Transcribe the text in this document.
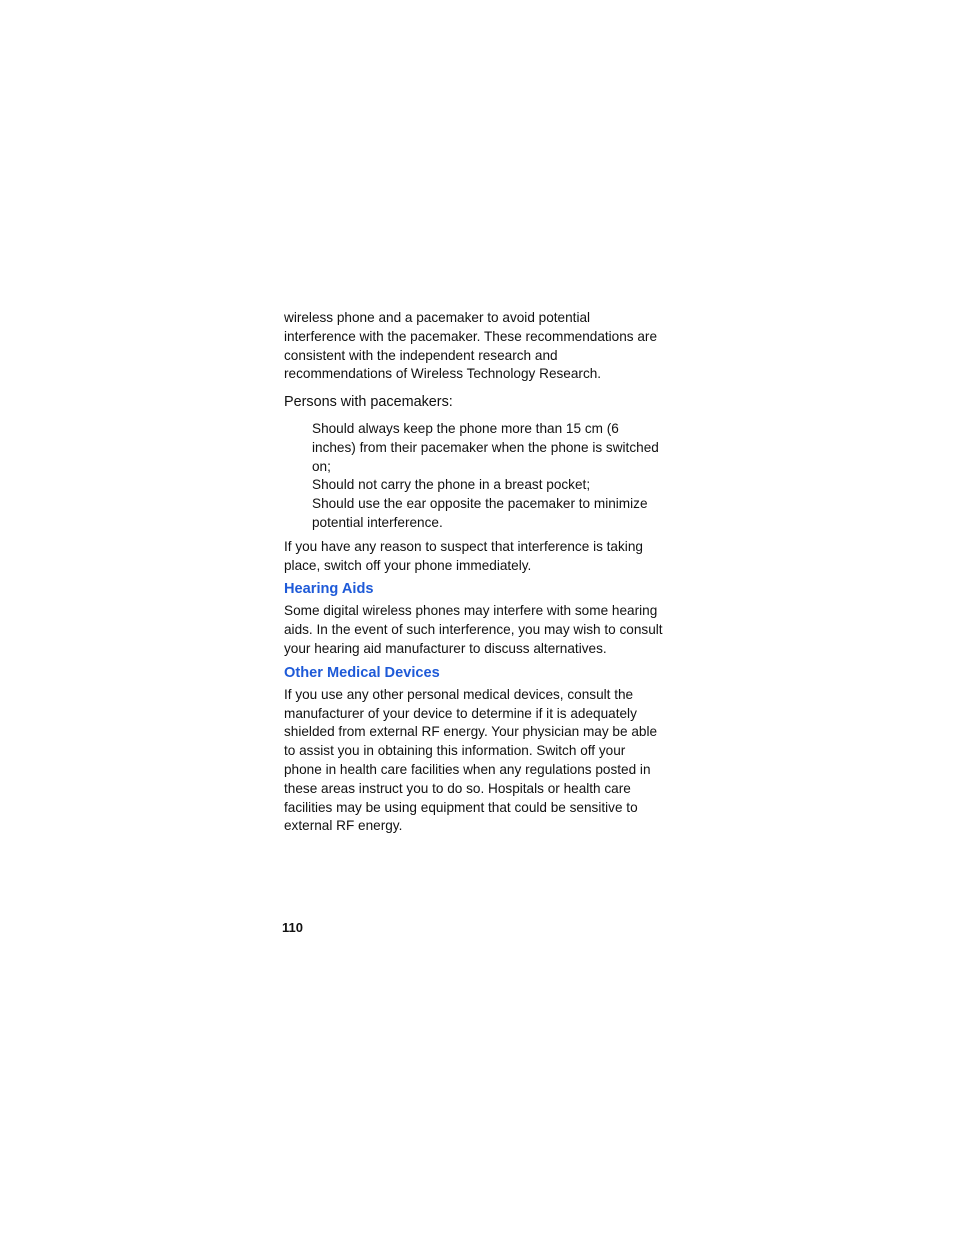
wireless phone and a pacemaker to avoid potential interference with the pacemaker. These recommendations are consistent with the independent research and recommendations of Wireless Technology Research.

Persons with pacemakers:

Should always keep the phone more than 15 cm (6 inches) from their pacemaker when the phone is switched on;
Should not carry the phone in a breast pocket;
Should use the ear opposite the pacemaker to minimize potential interference.

If you have any reason to suspect that interference is taking place, switch off your phone immediately.

Hearing Aids

Some digital wireless phones may interfere with some hearing aids. In the event of such interference, you may wish to consult your hearing aid manufacturer to discuss alternatives.

Other Medical Devices

If you use any other personal medical devices, consult the manufacturer of your device to determine if it is adequately shielded from external RF energy. Your physician may be able to assist you in obtaining this information. Switch off your phone in health care facilities when any regulations posted in these areas instruct you to do so. Hospitals or health care facilities may be using equipment that could be sensitive to external RF energy.

110
